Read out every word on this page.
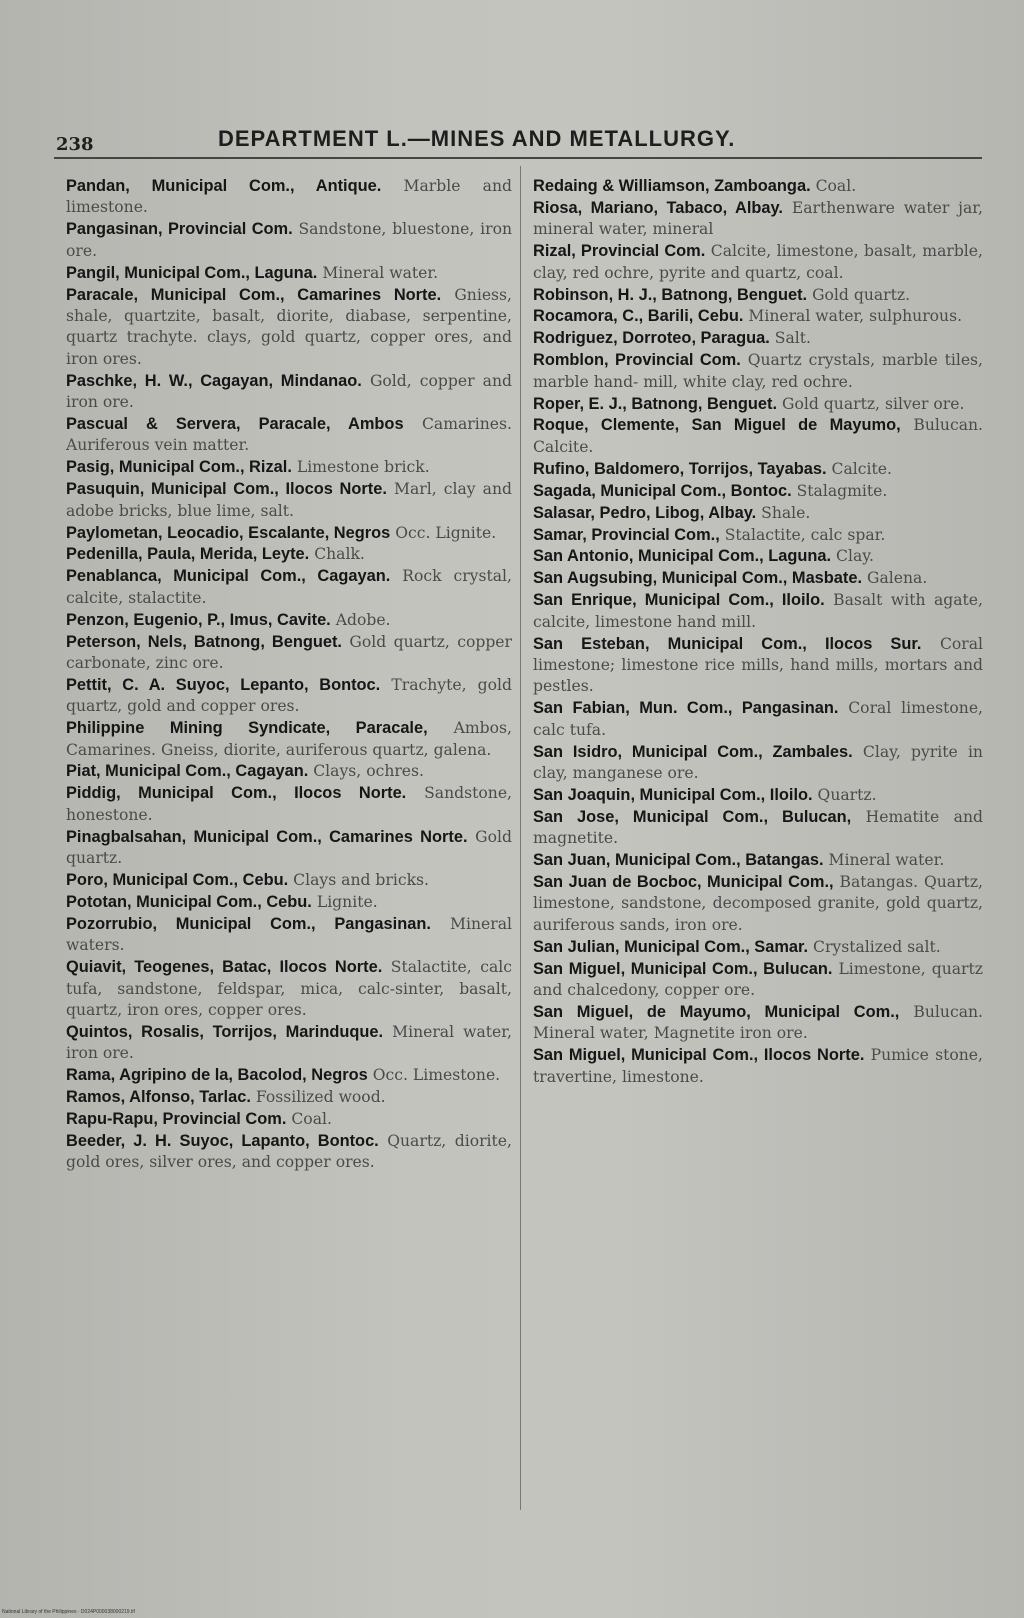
238	DEPARTMENT L.—MINES AND METALLURGY.
Pandan, Municipal Com., Antique. Marble and limestone.
Pangasinan, Provincial Com. Sandstone, bluestone, iron ore.
Pangil, Municipal Com., Laguna. Mineral water.
Paracale, Municipal Com., Camarines Norte. Gniess, shale, quartzite, basalt, diorite, diabase, serpentine, quartz trachyte. clays, gold quartz, copper ores, and iron ores.
Paschke, H. W., Cagayan, Mindanao. Gold, copper and iron ore.
Pascual & Servera, Paracale, Ambos Camarines. Auriferous vein matter.
Pasig, Municipal Com., Rizal. Limestone brick.
Pasuquin, Municipal Com., Ilocos Norte. Marl, clay and adobe bricks, blue lime, salt.
Paylometan, Leocadio, Escalante, Negros Occ. Lignite.
Pedenilla, Paula, Merida, Leyte. Chalk.
Penablanca, Municipal Com., Cagayan. Rock crystal, calcite, stalactite.
Penzon, Eugenio, P., Imus, Cavite. Adobe.
Peterson, Nels, Batnong, Benguet. Gold quartz, copper carbonate, zinc ore.
Pettit, C. A. Suyoc, Lepanto, Bontoc. Trachyte, gold quartz, gold and copper ores.
Philippine Mining Syndicate, Paracale, Ambos, Camarines. Gneiss, diorite, auriferous quartz, galena.
Piat, Municipal Com., Cagayan. Clays, ochres.
Piddig, Municipal Com., Ilocos Norte. Sandstone, honestone.
Pinagbalsahan, Municipal Com., Camarines Norte. Gold quartz.
Poro, Municipal Com., Cebu. Clays and bricks.
Pototan, Municipal Com., Cebu. Lignite.
Pozorrubio, Municipal Com., Pangasinan. Mineral waters.
Quiavit, Teogenes, Batac, Ilocos Norte. Stalactite, calc tufa, sandstone, feldspar, mica, calc-sinter, basalt, quartz, iron ores, copper ores.
Quintos, Rosalis, Torrijos, Marinduque. Mineral water, iron ore.
Rama, Agripino de la, Bacolod, Negros Occ. Limestone.
Ramos, Alfonso, Tarlac. Fossilized wood.
Rapu-Rapu, Provincial Com. Coal.
Beeder, J. H. Suyoc, Lapanto, Bontoc. Quartz, diorite, gold ores, silver ores, and copper ores.
Redaing & Williamson, Zamboanga. Coal.
Riosa, Mariano, Tabaco, Albay. Earthenware water jar, mineral water, mineral
Rizal, Provincial Com. Calcite, limestone, basalt, marble, clay, red ochre, pyrite and quartz, coal.
Robinson, H. J., Batnong, Benguet. Gold quartz.
Rocamora, C., Barili, Cebu. Mineral water, sulphurous.
Rodriguez, Dorroteo, Paragua. Salt.
Romblon, Provincial Com. Quartz crystals, marble tiles, marble hand- mill, white clay, red ochre.
Roper, E. J., Batnong, Benguet. Gold quartz, silver ore.
Roque, Clemente, San Miguel de Mayumo, Bulucan. Calcite.
Rufino, Baldomero, Torrijos, Tayabas. Calcite.
Sagada, Municipal Com., Bontoc. Stalagmite.
Salasar, Pedro, Libog, Albay. Shale.
Samar, Provincial Com., Stalactite, calc spar.
San Antonio, Municipal Com., Laguna. Clay.
San Augsubing, Municipal Com., Masbate. Galena.
San Enrique, Municipal Com., Iloilo. Basalt with agate, calcite, limestone hand mill.
San Esteban, Municipal Com., Ilocos Sur. Coral limestone; limestone rice mills, hand mills, mortars and pestles.
San Fabian, Mun. Com., Pangasinan. Coral limestone, calc tufa.
San Isidro, Municipal Com., Zambales. Clay, pyrite in clay, manganese ore.
San Joaquin, Municipal Com., Iloilo. Quartz.
San Jose, Municipal Com., Bulucan, Hematite and magnetite.
San Juan, Municipal Com., Batangas. Mineral water.
San Juan de Bocboc, Municipal Com., Batangas. Quartz, limestone, sandstone, decomposed granite, gold quartz, auriferous sands, iron ore.
San Julian, Municipal Com., Samar. Crystalized salt.
San Miguel, Municipal Com., Bulucan. Limestone, quartz and chalcedony, copper ore.
San Miguel, de Mayumo, Municipal Com., Bulucan. Mineral water, Magnetite iron ore.
San Miguel, Municipal Com., Ilocos Norte. Pumice stone, travertine, limestone.
National Library of the Philippines · D024P000038000219.tif
